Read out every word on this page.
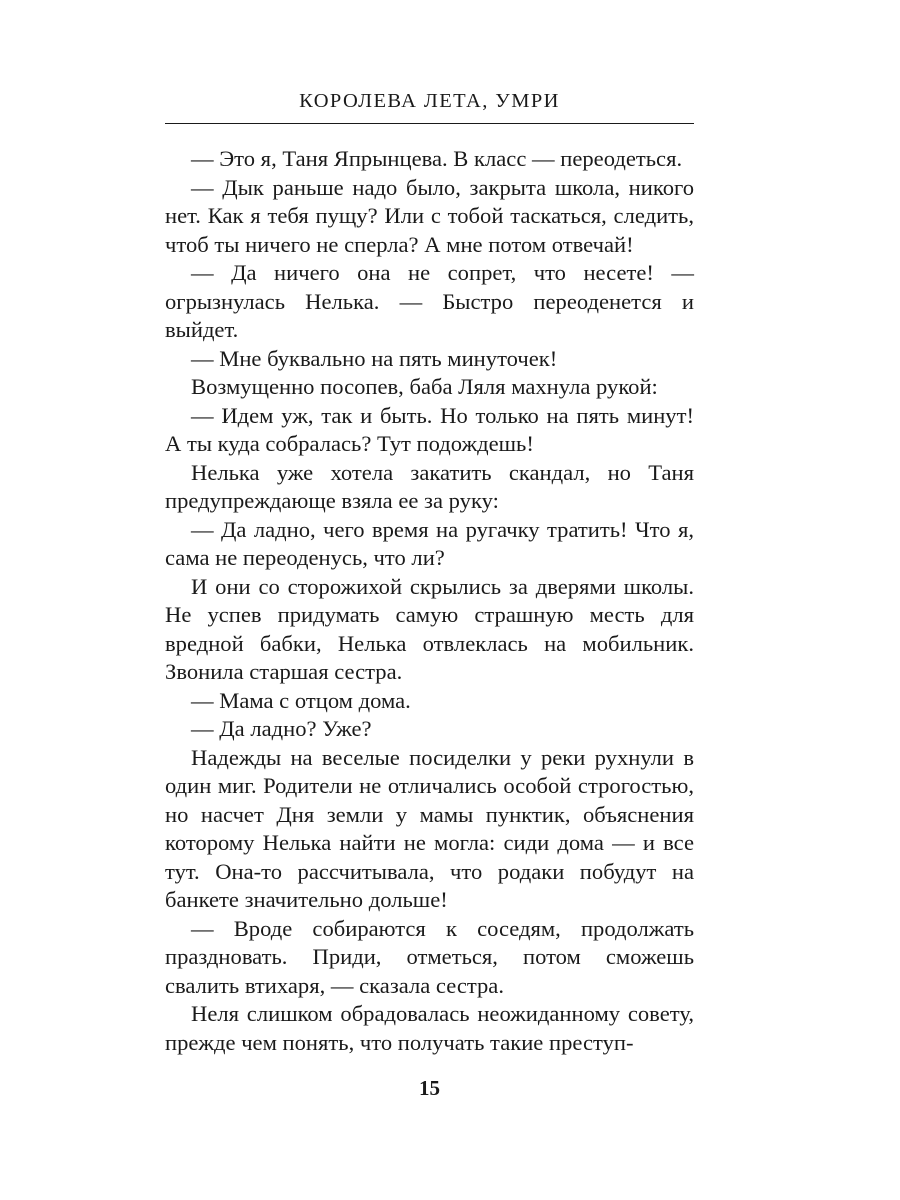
КОРОЛЕВА ЛЕТА, УМРИ

— Это я, Таня Япрынцева. В класс — переодеться.

— Дык раньше надо было, закрыта школа, никого нет. Как я тебя пущу? Или с тобой таскаться, следить, чтоб ты ничего не сперла? А мне потом отвечай!

— Да ничего она не сопрет, что несете! — огрызнулась Нелька. — Быстро переоденется и выйдет.

— Мне буквально на пять минуточек!

Возмущенно посопев, баба Ляля махнула рукой:

— Идем уж, так и быть. Но только на пять минут! А ты куда собралась? Тут подождешь!

Нелька уже хотела закатить скандал, но Таня предупреждающе взяла ее за руку:

— Да ладно, чего время на ругачку тратить! Что я, сама не переоденусь, что ли?

И они со сторожихой скрылись за дверями школы. Не успев придумать самую страшную месть для вредной бабки, Нелька отвлеклась на мобильник. Звонила старшая сестра.

— Мама с отцом дома.

— Да ладно? Уже?

Надежды на веселые посиделки у реки рухнули в один миг. Родители не отличались особой строгостью, но насчет Дня земли у мамы пунктик, объяснения которому Нелька найти не могла: сиди дома — и все тут. Она-то рассчитывала, что родаки побудут на банкете значительно дольше!

— Вроде собираются к соседям, продолжать праздновать. Приди, отметься, потом сможешь свалить втихаря, — сказала сестра.

Неля слишком обрадовалась неожиданному совету, прежде чем понять, что получать такие преступ-

15
